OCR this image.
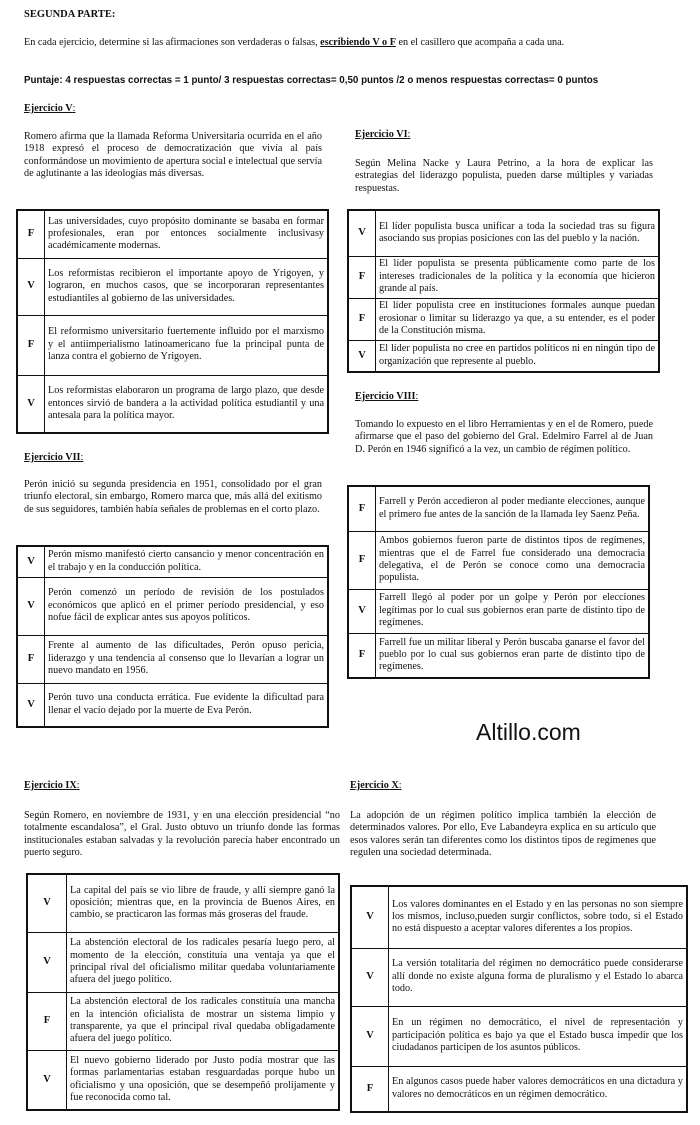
SEGUNDA PARTE:
En cada ejercicio, determine si las afirmaciones son verdaderas o falsas, escribiendo V o F en el casillero que acompaña a cada una.
Puntaje: 4 respuestas correctas = 1 punto/ 3 respuestas correctas= 0,50 puntos /2 o menos respuestas correctas= 0 puntos
Ejercicio V:
Romero afirma que la llamada Reforma Universitaria ocurrida en el año 1918 expresó el proceso de democratización que vivía al país conformándose un movimiento de apertura social e intelectual que servía de aglutinante a las ideologías más diversas.
F	Las universidades, cuyo propósito dominante se basaba en formar profesionales, eran por entonces socialmente inclusivasy académicamente modernas.
V	Los reformistas recibieron el importante apoyo de Yrigoyen, y lograron, en muchos casos, que se incorporaran representantes estudiantiles al gobierno de las universidades.
F	El reformismo universitario fuertemente influido por el marxismo y el antiimperialismo latinoamericano fue la principal punta de lanza contra el gobierno de Yrigoyen.
V	Los reformistas elaboraron un programa de largo plazo, que desde entonces sirvió de bandera a la actividad política estudiantil y una antesala para la política mayor.
Ejercicio VI:
Según Melina Nacke y Laura Petrino, a la hora de explicar las estrategias del liderazgo populista, pueden darse múltiples y variadas respuestas.
V	El líder populista busca unificar a toda la sociedad tras su figura asociando sus propias posiciones con las del pueblo y la nación.
F	El líder populista se presenta públicamente como parte de los intereses tradicionales de la política y la economía que hicieron grande al país.
F	El líder populista cree en instituciones formales aunque puedan erosionar o limitar su liderazgo ya que, a su entender, es el poder de la Constitución misma.
V	El líder populista no cree en partidos políticos ni en ningún tipo de organización que represente al pueblo.
Ejercicio VII:
Perón inició su segunda presidencia en 1951, consolidado por el gran triunfo electoral, sin embargo, Romero marca que, más allá del exitismo de sus seguidores, también había señales de problemas en el corto plazo.
V	Perón mismo manifestó cierto cansancio y menor concentración en el trabajo y en la conducción política.
V	Perón comenzó un período de revisión de los postulados económicos que aplicó en el primer período presidencial, y eso nofue fácil de explicar antes sus apoyos políticos.
F	Frente al aumento de las dificultades, Perón opuso pericia, liderazgo y una tendencia al consenso que lo llevarían a lograr un nuevo mandato en 1956.
V	Perón tuvo una conducta errática. Fue evidente la dificultad para llenar el vacío dejado por la muerte de Eva Perón.
Ejercicio VIII:
Tomando lo expuesto en el libro Herramientas y en el de Romero, puede afirmarse que el paso del gobierno del Gral. Edelmiro Farrel al de Juan D. Perón en 1946 significó a la vez, un cambio de régimen político.
F	Farrell y Perón accedieron al poder mediante elecciones, aunque el primero fue antes de la sanción de la llamada ley Saenz Peña.
F	Ambos gobiernos fueron parte de distintos tipos de regímenes, mientras que el de Farrel fue considerado una democracia delegativa, el de Perón se conoce como una democracia populista.
V	Farrell llegó al poder por un golpe y Perón por elecciones legítimas por lo cual sus gobiernos eran parte de distinto tipo de regímenes.
F	Farrell fue un militar liberal y Perón buscaba ganarse el favor del pueblo por lo cual sus gobiernos eran parte de distinto tipo de regímenes.
Altillo.com
Ejercicio IX:
Según Romero, en noviembre de 1931, y en una elección presidencial “no totalmente escandalosa”, el Gral. Justo obtuvo un triunfo donde las formas institucionales estaban salvadas y la revolución parecía haber encontrado un puerto seguro.
V	La capital del país se vio libre de fraude, y allí siempre ganó la oposición; mientras que, en la provincia de Buenos Aires, en cambio, se practicaron las formas más groseras del fraude.
V	La abstención electoral de los radicales pesaría luego pero, al momento de la elección, constituía una ventaja ya que el principal rival del oficialismo militar quedaba voluntariamente afuera del juego político.
F	La abstención electoral de los radicales constituía una mancha en la intención oficialista de mostrar un sistema limpio y transparente, ya que el principal rival quedaba obligadamente afuera del juego político.
V	El nuevo gobierno liderado por Justo podía mostrar que las formas parlamentarias estaban resguardadas porque hubo un oficialismo y una oposición, que se desempeñó prolijamente y fue reconocida como tal.
Ejercicio X:
La adopción de un régimen político implica también la elección de determinados valores. Por ello, Eve Labandeyra explica en su artículo que esos valores serán tan diferentes como los distintos tipos de regímenes que regulen una sociedad determinada.
V	Los valores dominantes en el Estado y en las personas no son siempre los mismos, incluso,pueden surgir conflictos, sobre todo, si el Estado no está dispuesto a aceptar valores diferentes a los propios.
V	La versión totalitaria del régimen no democrático puede considerarse allí donde no existe alguna forma de pluralismo y el Estado lo abarca todo.
V	En un régimen no democrático, el nivel de representación y participación política es bajo ya que el Estado busca impedir que los ciudadanos participen de los asuntos públicos.
F	En algunos casos puede haber valores democráticos en una dictadura y valores no democráticos en un régimen democrático.
